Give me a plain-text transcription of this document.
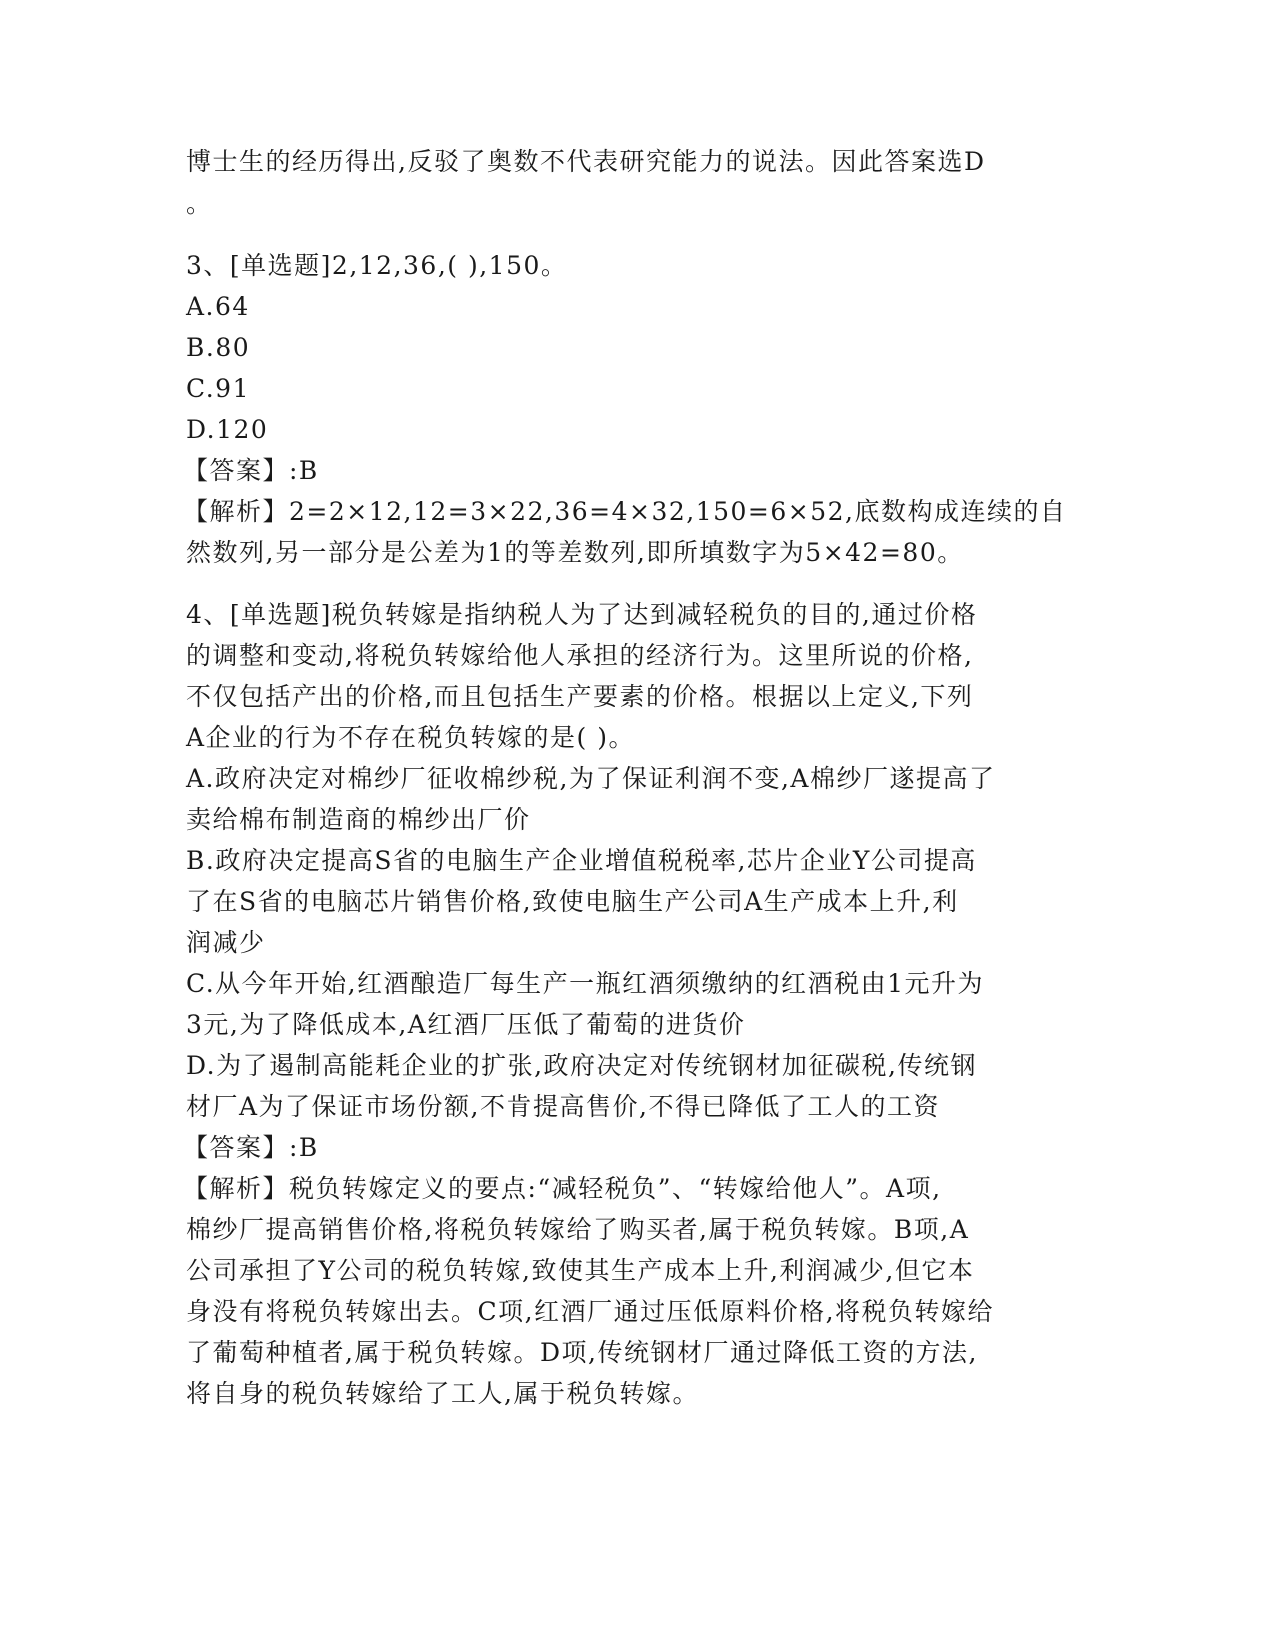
博士生的经历得出,反驳了奥数不代表研究能力的说法。因此答案选D
。
3、[单选题]2,12,36,( ),150。
A.64
B.80
C.91
D.120
【答案】:B
【解析】2=2×12,12=3×22,36=4×32,150=6×52,底数构成连续的自
然数列,另一部分是公差为1的等差数列,即所填数字为5×42=80。
4、[单选题]税负转嫁是指纳税人为了达到减轻税负的目的,通过价格
的调整和变动,将税负转嫁给他人承担的经济行为。这里所说的价格,
不仅包括产出的价格,而且包括生产要素的价格。根据以上定义,下列
A企业的行为不存在税负转嫁的是( )。
A.政府决定对棉纱厂征收棉纱税,为了保证利润不变,A棉纱厂遂提高了
卖给棉布制造商的棉纱出厂价
B.政府决定提高S省的电脑生产企业增值税税率,芯片企业Y公司提高
了在S省的电脑芯片销售价格,致使电脑生产公司A生产成本上升,利
润减少
C.从今年开始,红酒酿造厂每生产一瓶红酒须缴纳的红酒税由1元升为
3元,为了降低成本,A红酒厂压低了葡萄的进货价
D.为了遏制高能耗企业的扩张,政府决定对传统钢材加征碳税,传统钢
材厂A为了保证市场份额,不肯提高售价,不得已降低了工人的工资
【答案】:B
【解析】税负转嫁定义的要点:“减轻税负”、“转嫁给他人”。A项,
棉纱厂提高销售价格,将税负转嫁给了购买者,属于税负转嫁。B项,A
公司承担了Y公司的税负转嫁,致使其生产成本上升,利润减少,但它本
身没有将税负转嫁出去。C项,红酒厂通过压低原料价格,将税负转嫁给
了葡萄种植者,属于税负转嫁。D项,传统钢材厂通过降低工资的方法,
将自身的税负转嫁给了工人,属于税负转嫁。
